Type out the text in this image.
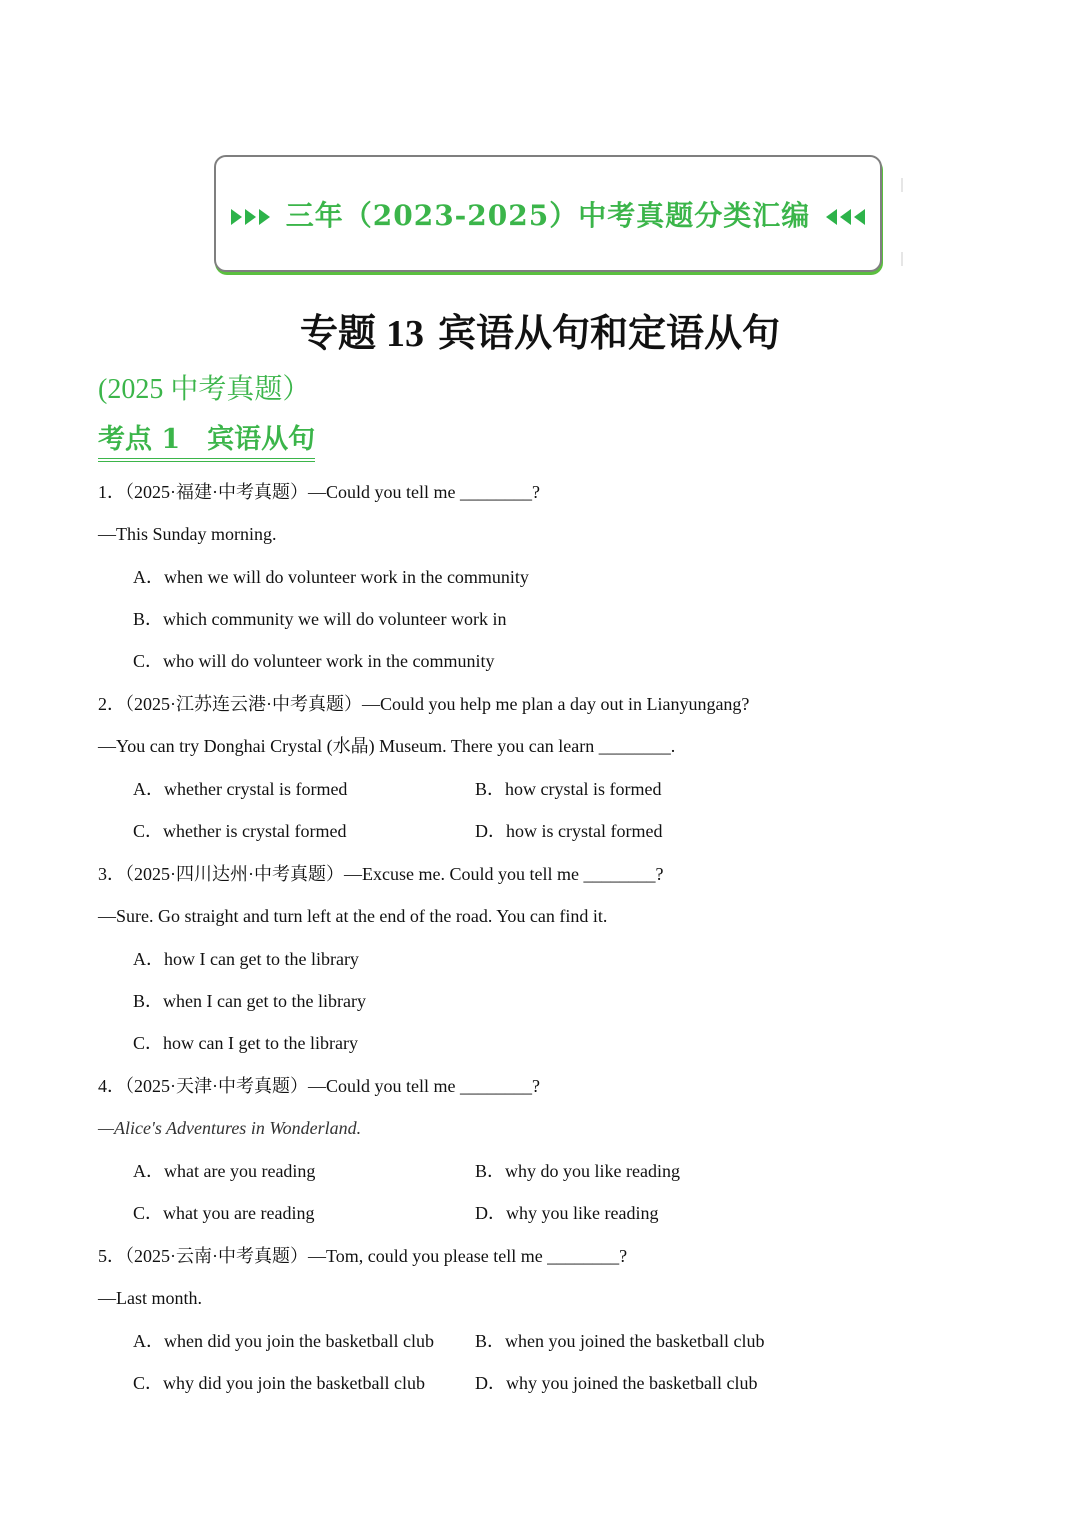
三年（2023-2025）中考真题分类汇编
专题 13 宾语从句和定语从句
(2025 中考真题）
考点 1　宾语从句
1．（2025·福建·中考真题）—Could you tell me ________?
—This Sunday morning.
A．when we will do volunteer work in the community
B．which community we will do volunteer work in
C．who will do volunteer work in the community
2．（2025·江苏连云港·中考真题）—Could you help me plan a day out in Lianyungang?
—You can try Donghai Crystal (水晶) Museum. There you can learn ________.
A．whether crystal is formed	B．how crystal is formed
C．whether is crystal formed	D．how is crystal formed
3．（2025·四川达州·中考真题）—Excuse me. Could you tell me ________?
—Sure. Go straight and turn left at the end of the road. You can find it.
A．how I can get to the library
B．when I can get to the library
C．how can I get to the library
4．（2025·天津·中考真题）—Could you tell me ________?
—Alice's Adventures in Wonderland.
A．what are you reading	B．why do you like reading
C．what you are reading	D．why you like reading
5．（2025·云南·中考真题）—Tom, could you please tell me ________?
—Last month.
A．when did you join the basketball club B．when you joined the basketball club
C．why did you join the basketball club	D．why you joined the basketball club
